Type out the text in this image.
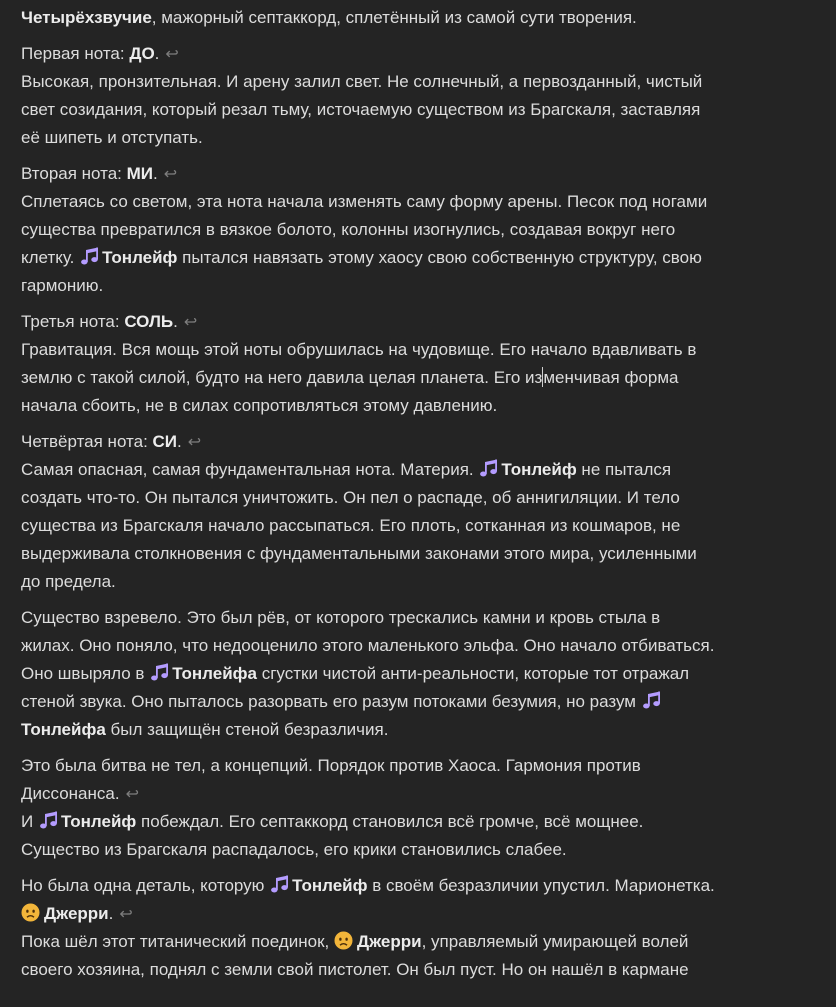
Четырёхзвучие, мажорный септаккорд, сплетённый из самой сути творения.
Первая нота: ДО. ↩
Высокая, пронзительная. И арену залил свет. Не солнечный, а первозданный, чистый
свет созидания, который резал тьму, источаемую существом из Брагскаля, заставляя
её шипеть и отступать.
Вторая нота: МИ. ↩
Сплетаясь со светом, эта нота начала изменять саму форму арены. Песок под ногами
существа превратился в вязкое болото, колонны изогнулись, создавая вокруг него
клетку. Тонлейф пытался навязать этому хаосу свою собственную структуру, свою
гармонию.
Третья нота: СОЛЬ. ↩
Гравитация. Вся мощь этой ноты обрушилась на чудовище. Его начало вдавливать в
землю с такой силой, будто на него давила целая планета. Его изменчивая форма
начала сбоить, не в силах сопротивляться этому давлению.
Четвёртая нота: СИ. ↩
Самая опасная, самая фундаментальная нота. Материя. Тонлейф не пытался
создать что-то. Он пытался уничтожить. Он пел о распаде, об аннигиляции. И тело
существа из Брагскаля начало рассыпаться. Его плоть, сотканная из кошмаров, не
выдерживала столкновения с фундаментальными законами этого мира, усиленными
до предела.
Существо взревело. Это был рёв, от которого трескались камни и кровь стыла в
жилах. Оно поняло, что недооценило этого маленького эльфа. Оно начало отбиваться.
Оно швыряло в Тонлейфа сгустки чистой анти-реальности, которые тот отражал
стеной звука. Оно пыталось разорвать его разум потоками безумия, но разум
Тонлейфа был защищён стеной безразличия.
Это была битва не тел, а концепций. Порядок против Хаоса. Гармония против
Диссонанса. ↩
И Тонлейф побеждал. Его септаккорд становился всё громче, всё мощнее.
Существо из Брагскаля распадалось, его крики становились слабее.
Но была одна деталь, которую Тонлейф в своём безразличии упустил. Марионетка.
Джерри. ↩
Пока шёл этот титанический поединок, Джерри, управляемый умирающей волей
своего хозяина, поднял с земли свой пистолет. Он был пуст. Но он нашёл в кармане
